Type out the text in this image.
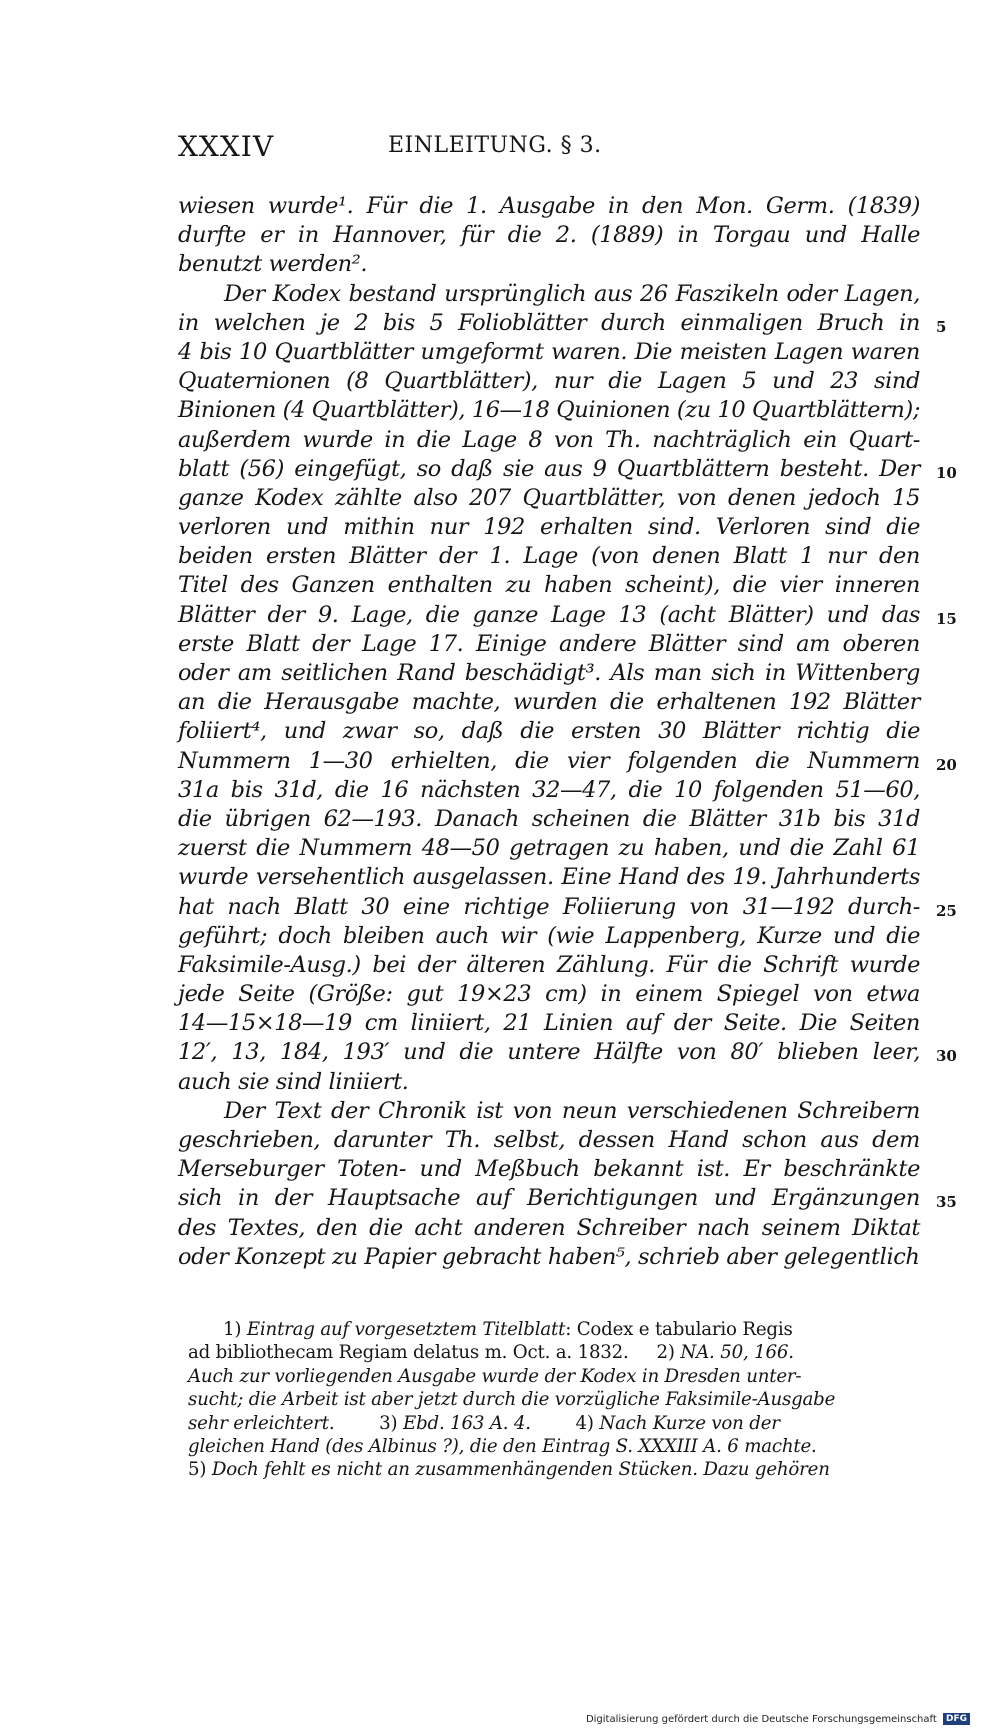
XXXIV	EINLEITUNG. § 3.
wiesen wurde¹. Für die 1. Ausgabe in den Mon. Germ. (1839)
durfte er in Hannover, für die 2. (1889) in Torgau und Halle
benutzt werden².
Der Kodex bestand ursprünglich aus 26 Faszikeln oder Lagen,
in welchen je 2 bis 5 Folioblätter durch einmaligen Bruch in 5
4 bis 10 Quartblätter umgeformt waren. Die meisten Lagen waren
Quaternionen (8 Quartblätter), nur die Lagen 5 und 23 sind
Binionen (4 Quartblätter), 16—18 Quinionen (zu 10 Quartblättern);
außerdem wurde in die Lage 8 von Th. nachträglich ein Quart-
blatt (56) eingefügt, so daß sie aus 9 Quartblättern besteht. Der 10
ganze Kodex zählte also 207 Quartblätter, von denen jedoch 15
verloren und mithin nur 192 erhalten sind. Verloren sind die
beiden ersten Blätter der 1. Lage (von denen Blatt 1 nur den
Titel des Ganzen enthalten zu haben scheint), die vier inneren
Blätter der 9. Lage, die ganze Lage 13 (acht Blätter) und das 15
erste Blatt der Lage 17. Einige andere Blätter sind am oberen
oder am seitlichen Rand beschädigt³. Als man sich in Wittenberg
an die Herausgabe machte, wurden die erhaltenen 192 Blätter
foliiert⁴, und zwar so, daß die ersten 30 Blätter richtig die
Nummern 1—30 erhielten, die vier folgenden die Nummern 20
31a bis 31d, die 16 nächsten 32—47, die 10 folgenden 51—60,
die übrigen 62—193. Danach scheinen die Blätter 31b bis 31d
zuerst die Nummern 48—50 getragen zu haben, und die Zahl 61
wurde versehentlich ausgelassen. Eine Hand des 19. Jahrhunderts
hat nach Blatt 30 eine richtige Foliierung von 31—192 durch- 25
geführt; doch bleiben auch wir (wie Lappenberg, Kurze und die
Faksimile-Ausg.) bei der älteren Zählung. Für die Schrift wurde
jede Seite (Größe: gut 19×23 cm) in einem Spiegel von etwa
14—15×18—19 cm liniiert, 21 Linien auf der Seite. Die Seiten
12′, 13, 184, 193′ und die untere Hälfte von 80′ blieben leer, 30
auch sie sind liniiert.
Der Text der Chronik ist von neun verschiedenen Schreibern
geschrieben, darunter Th. selbst, dessen Hand schon aus dem
Merseburger Toten- und Meßbuch bekannt ist. Er beschränkte
sich in der Hauptsache auf Berichtigungen und Ergänzungen 35
des Textes, den die acht anderen Schreiber nach seinem Diktat
oder Konzept zu Papier gebracht haben⁵, schrieb aber gelegentlich
1) Eintrag auf vorgesetztem Titelblatt: Codex e tabulario Regis
ad bibliothecam Regiam delatus m. Oct. a. 1832.     2) NA. 50, 166.
Auch zur vorliegenden Ausgabe wurde der Kodex in Dresden unter-
sucht; die Arbeit ist aber jetzt durch die vorzügliche Faksimile-Ausgabe
sehr erleichtert.        3) Ebd. 163 A. 4.        4) Nach Kurze von der
gleichen Hand (des Albinus ?), die den Eintrag S. XXXIII A. 6 machte.
5) Doch fehlt es nicht an zusammenhängenden Stücken. Dazu gehören
Digitalisierung gefördert durch die Deutsche Forschungsgemeinschaft DFG
